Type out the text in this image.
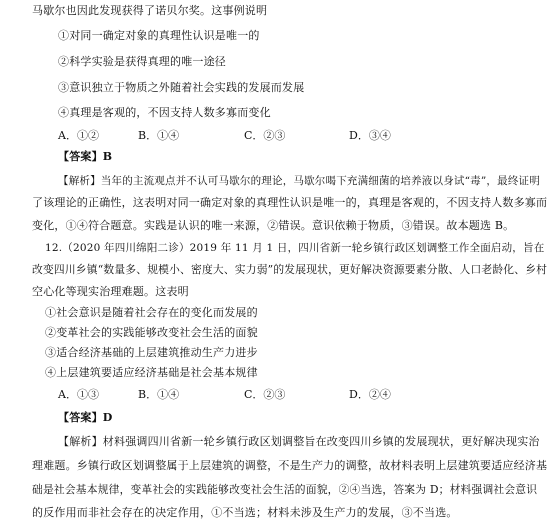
马歇尔也因此发现获得了诺贝尔奖。这事例说明
①对同一确定对象的真理性认识是唯一的
②科学实验是获得真理的唯一途径
③意识独立于物质之外随着社会实践的发展而发展
④真理是客观的，不因支持人数多寡而变化
A．①②	B．①④	C．②③	D．③④
【答案】B
【解析】当年的主流观点并不认可马歇尔的理论，马歇尔喝下充满细菌的培养液以身试“毒”，最终证明
了该理论的正确性，这表明对同一确定对象的真理性认识是唯一的，真理是客观的，不因支持人数多寡而
变化，①④符合题意。实践是认识的唯一来源，②错误。意识依赖于物质，③错误。故本题选 B。
12.（2020 年四川绵阳二诊）2019 年 11 月 1 日，四川省新一轮乡镇行政区划调整工作全面启动，旨在
改变四川乡镇“数量多、规模小、密度大、实力弱”的发展现状，更好解决资源要素分散、人口老龄化、乡村
空心化等现实治理难题。这表明
①社会意识是随着社会存在的变化而发展的
②变革社会的实践能够改变社会生活的面貌
③适合经济基础的上层建筑推动生产力进步
④上层建筑要适应经济基础是社会基本规律
A．①③	B．①④	C．②③	D．②④
【答案】D
【解析】材料强调四川省新一轮乡镇行政区划调整旨在改变四川乡镇的发展现状，更好解决现实治
理难题。乡镇行政区划调整属于上层建筑的调整，不是生产力的调整，故材料表明上层建筑要适应经济基
础是社会基本规律，变革社会的实践能够改变社会生活的面貌，②④当选，答案为 D；材料强调社会意识
的反作用而非社会存在的决定作用，①不当选；材料未涉及生产力的发展，③不当选。
